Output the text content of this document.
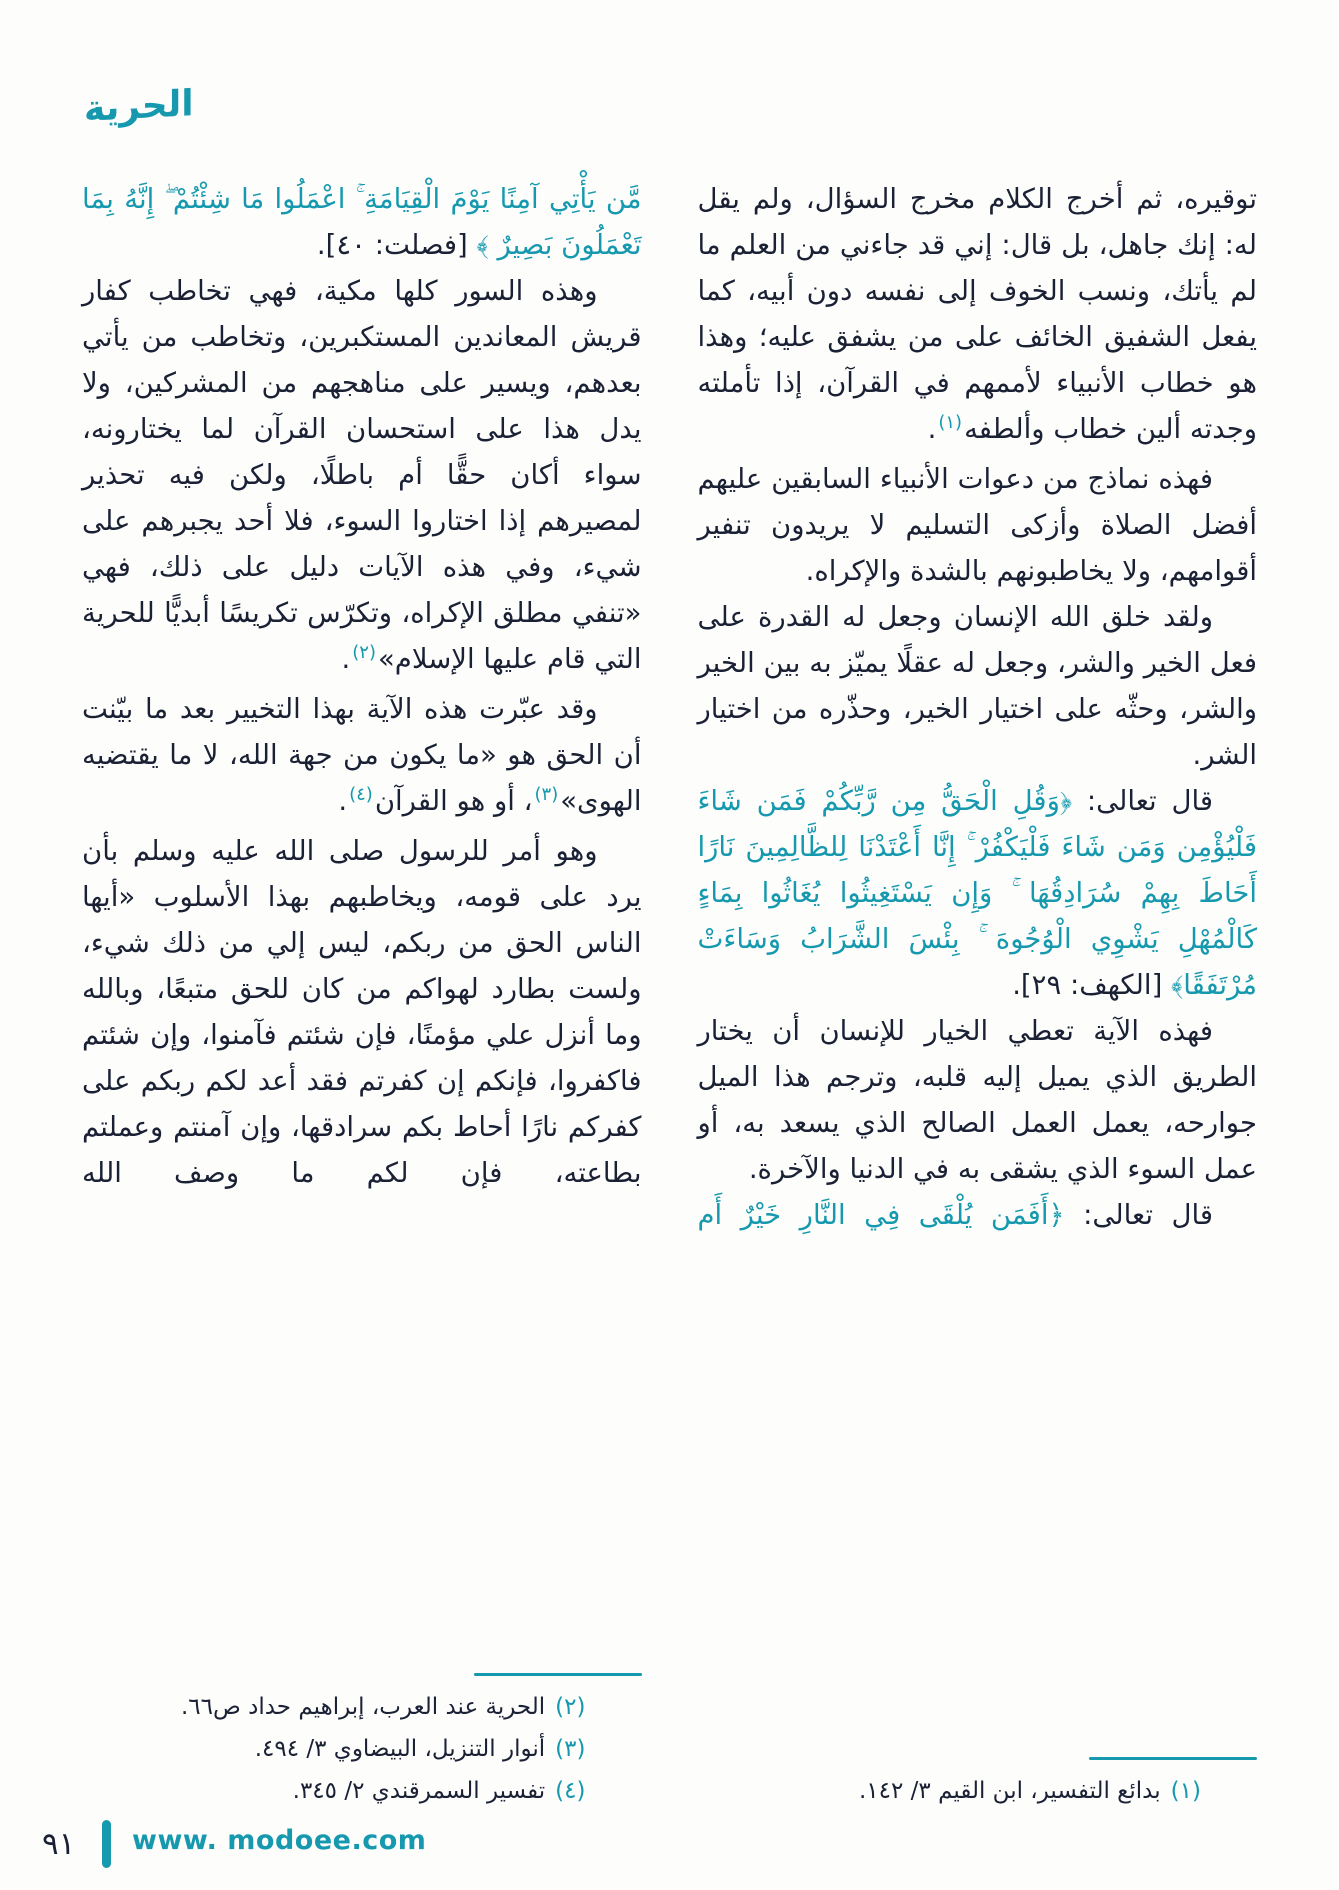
الحرية

توقيره، ثم أخرج الكلام مخرج السؤال، ولم يقل له: إنك جاهل، بل قال: إني قد جاءني من العلم ما لم يأتك، ونسب الخوف إلى نفسه دون أبيه، كما يفعل الشفيق الخائف على من يشفق عليه؛ وهذا هو خطاب الأنبياء لأممهم في القرآن، إذا تأملته وجدته ألين خطاب وألطفه$^{(١)}$.

فهذه نماذج من دعوات الأنبياء السابقين عليهم أفضل الصلاة وأزكى التسليم لا يريدون تنفير أقوامهم، ولا يخاطبونهم بالشدة والإكراه.

ولقد خلق الله الإنسان وجعل له القدرة على فعل الخير والشر، وجعل له عقلًا يميّز به بين الخير والشر، وحثّه على اختيار الخير، وحذّره من اختيار الشر.

قال تعالى: ﴿وَقُلِ الْحَقُّ مِن رَّبِّكُمْ فَمَن شَاءَ فَلْيُؤْمِن وَمَن شَاءَ فَلْيَكْفُرْ ۚ إِنَّا أَعْتَدْنَا لِلظَّالِمِينَ نَارًا أَحَاطَ بِهِمْ سُرَادِقُهَا ۚ وَإِن يَسْتَغِيثُوا يُغَاثُوا بِمَاءٍ كَالْمُهْلِ يَشْوِي الْوُجُوهَ ۚ بِئْسَ الشَّرَابُ وَسَاءَتْ مُرْتَفَقًا﴾ [الكهف: ٢٩].

فهذه الآية تعطي الخيار للإنسان أن يختار الطريق الذي يميل إليه قلبه، وترجم هذا الميل جوارحه، يعمل العمل الصالح الذي يسعد به، أو عمل السوء الذي يشقى به في الدنيا والآخرة.

قال تعالى: ﴿أَفَمَن يُلْقَى فِي النَّارِ خَيْرٌ أَم

(١)بدائع التفسير، ابن القيم ٣/ ١٤٢.

مَّن يَأْتِي آمِنًا يَوْمَ الْقِيَامَةِ ۚ اعْمَلُوا مَا شِئْتُمْ ۖ إِنَّهُ بِمَا تَعْمَلُونَ بَصِيرٌ ﴾ [فصلت: ٤٠].

وهذه السور كلها مكية، فهي تخاطب كفار قريش المعاندين المستكبرين، وتخاطب من يأتي بعدهم، ويسير على مناهجهم من المشركين، ولا يدل هذا على استحسان القرآن لما يختارونه، سواء أكان حقًّا أم باطلًا، ولكن فيه تحذير لمصيرهم إذا اختاروا السوء، فلا أحد يجبرهم على شيء، وفي هذه الآيات دليل على ذلك، فهي «تنفي مطلق الإكراه، وتكرّس تكريسًا أبديًّا للحرية التي قام عليها الإسلام»$^{(٢)}$.

وقد عبّرت هذه الآية بهذا التخيير بعد ما بيّنت أن الحق هو «ما يكون من جهة الله، لا ما يقتضيه الهوى»$^{(٣)}$، أو هو القرآن$^{(٤)}$.

وهو أمر للرسول صلى الله عليه وسلم بأن يرد على قومه، ويخاطبهم بهذا الأسلوب «أيها الناس الحق من ربكم، ليس إلي من ذلك شيء، ولست بطارد لهواكم من كان للحق متبعًا، وبالله وما أنزل علي مؤمنًا، فإن شئتم فآمنوا، وإن شئتم فاكفروا، فإنكم إن كفرتم فقد أعد لكم ربكم على كفركم نارًا أحاط بكم سرادقها، وإن آمنتم وعملتم بطاعته، فإن لكم ما وصف الله

(٢)الحرية عند العرب، إبراهيم حداد ص٦٦.
(٣)أنوار التنزيل، البيضاوي ٣/ ٤٩٤.
(٤)تفسير السمرقندي ٢/ ٣٤٥.
٩١ www. modoee.com
